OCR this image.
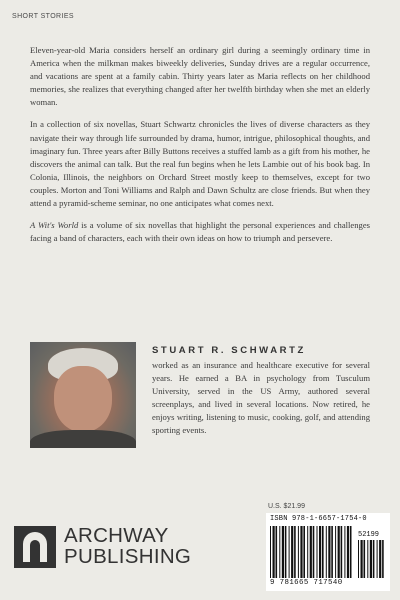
SHORT STORIES

Eleven-year-old Maria considers herself an ordinary girl during a seemingly ordinary time in America when the milkman makes biweekly deliveries, Sunday drives are a regular occurrence, and vacations are spent at a family cabin. Thirty years later as Maria reflects on her childhood memories, she realizes that everything changed after her twelfth birthday when she met an elderly woman.

In a collection of six novellas, Stuart Schwartz chronicles the lives of diverse characters as they navigate their way through life surrounded by drama, humor, intrigue, philosophical thoughts, and imaginary fun. Three years after Billy Buttons receives a stuffed lamb as a gift from his mother, he discovers the animal can talk. But the real fun begins when he lets Lambie out of his book bag. In Colonia, Illinois, the neighbors on Orchard Street mostly keep to themselves, except for two couples. Morton and Toni Williams and Ralph and Dawn Schultz are close friends. But when they attend a pyramid-scheme seminar, no one anticipates what comes next.

A Wit's World is a volume of six novellas that highlight the personal experiences and challenges facing a band of characters, each with their own ideas on how to triumph and persevere.

STUART R. SCHWARTZ
worked as an insurance and healthcare executive for several years. He earned a BA in psychology from Tusculum University, served in the US Army, authored several screenplays, and lived in several locations. Now retired, he enjoys writing, listening to music, cooking, golf, and attending sporting events.
ARCHWAY
PUBLISHING
U.S. $21.99
ISBN 978-1-6657-1754-0
52199
9 781665 717540
